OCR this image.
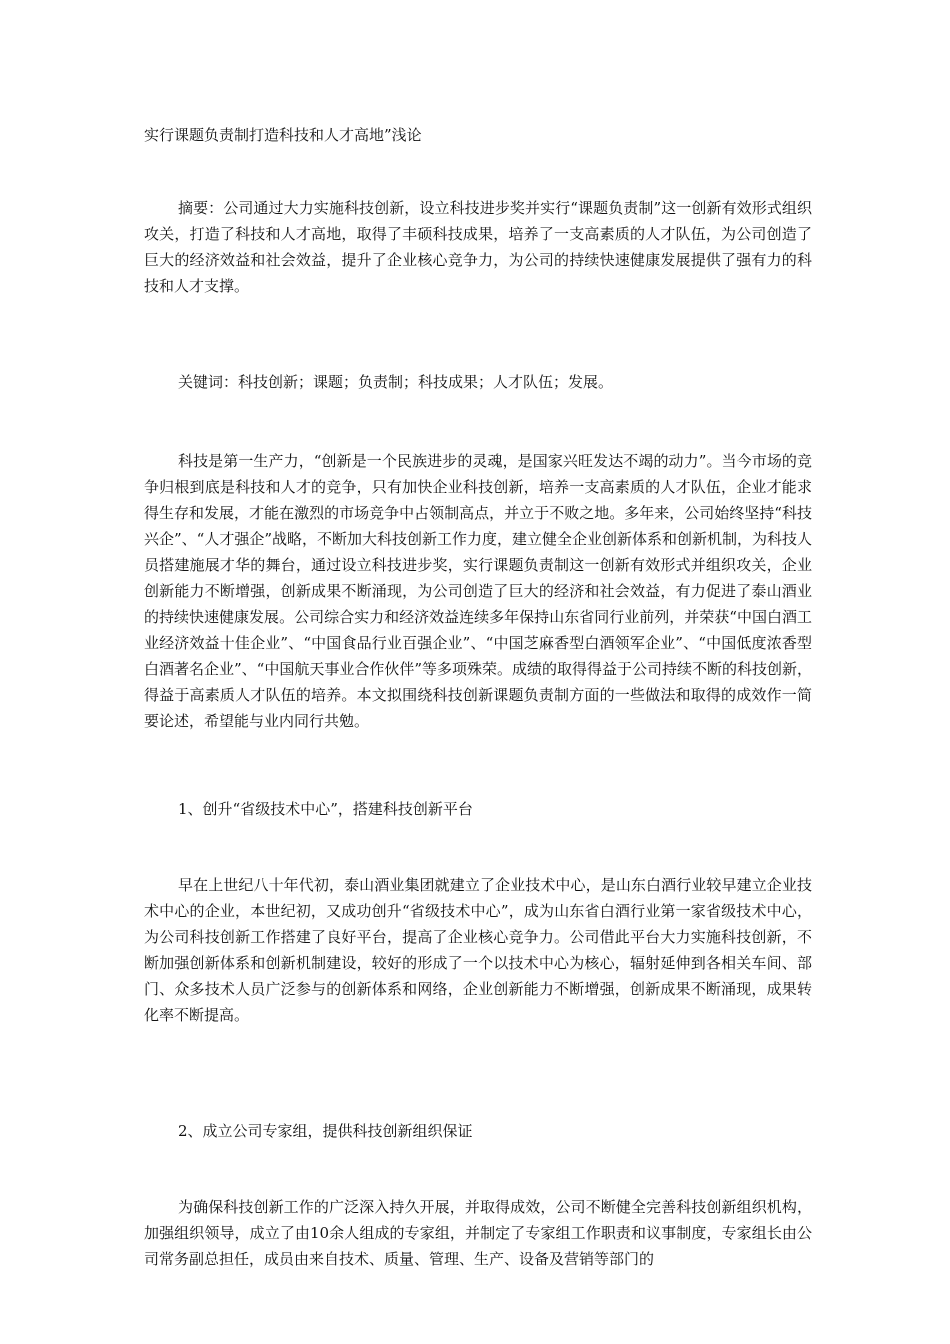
实行课题负责制打造科技和人才高地”浅论

摘要：公司通过大力实施科技创新，设立科技进步奖并实行“课题负责制”这一创新有效形式组织攻关，打造了科技和人才高地，取得了丰硕科技成果，培养了一支高素质的人才队伍，为公司创造了巨大的经济效益和社会效益，提升了企业核心竞争力，为公司的持续快速健康发展提供了强有力的科技和人才支撑。

关键词：科技创新；课题；负责制；科技成果；人才队伍；发展。

科技是第一生产力，“创新是一个民族进步的灵魂，是国家兴旺发达不竭的动力”。当今市场的竞争归根到底是科技和人才的竞争，只有加快企业科技创新，培养一支高素质的人才队伍，企业才能求得生存和发展，才能在激烈的市场竞争中占领制高点，并立于不败之地。多年来，公司始终坚持“科技兴企”、“人才强企”战略，不断加大科技创新工作力度，建立健全企业创新体系和创新机制，为科技人员搭建施展才华的舞台，通过设立科技进步奖，实行课题负责制这一创新有效形式并组织攻关，企业创新能力不断增强，创新成果不断涌现，为公司创造了巨大的经济和社会效益，有力促进了泰山酒业的持续快速健康发展。公司综合实力和经济效益连续多年保持山东省同行业前列，并荣获“中国白酒工业经济效益十佳企业”、“中国食品行业百强企业”、“中国芝麻香型白酒领军企业”、“中国低度浓香型白酒著名企业”、“中国航天事业合作伙伴”等多项殊荣。成绩的取得得益于公司持续不断的科技创新，得益于高素质人才队伍的培养。本文拟围绕科技创新课题负责制方面的一些做法和取得的成效作一简要论述，希望能与业内同行共勉。

1、创升“省级技术中心”，搭建科技创新平台

早在上世纪八十年代初，泰山酒业集团就建立了企业技术中心，是山东白酒行业较早建立企业技术中心的企业，本世纪初，又成功创升“省级技术中心”，成为山东省白酒行业第一家省级技术中心，为公司科技创新工作搭建了良好平台，提高了企业核心竞争力。公司借此平台大力实施科技创新，不断加强创新体系和创新机制建设，较好的形成了一个以技术中心为核心，辐射延伸到各相关车间、部门、众多技术人员广泛参与的创新体系和网络，企业创新能力不断增强，创新成果不断涌现，成果转化率不断提高。

2、成立公司专家组，提供科技创新组织保证

为确保科技创新工作的广泛深入持久开展，并取得成效，公司不断健全完善科技创新组织机构，加强组织领导，成立了由10余人组成的专家组，并制定了专家组工作职责和议事制度，专家组长由公司常务副总担任，成员由来自技术、质量、管理、生产、设备及营销等部门的
